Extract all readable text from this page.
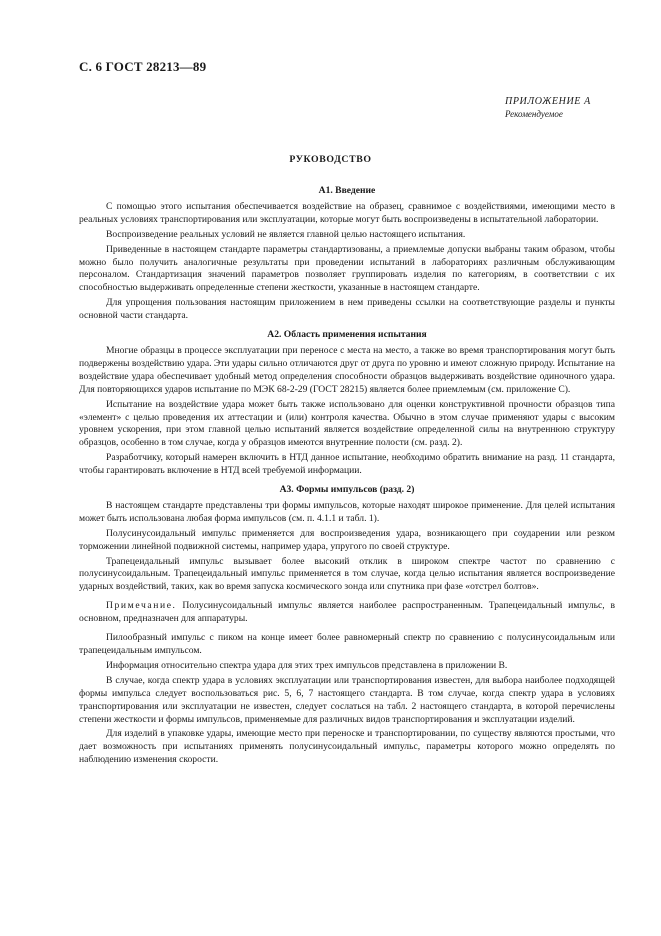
С. 6 ГОСТ 28213—89
ПРИЛОЖЕНИЕ А
Рекомендуемое
РУКОВОДСТВО
А1. Введение
С помощью этого испытания обеспечивается воздействие на образец, сравнимое с воздействиями, имеющими место в реальных условиях транспортирования или эксплуатации, которые могут быть воспроизведены в испытательной лаборатории.
Воспроизведение реальных условий не является главной целью настоящего испытания.
Приведенные в настоящем стандарте параметры стандартизованы, а приемлемые допуски выбраны таким образом, чтобы можно было получить аналогичные результаты при проведении испытаний в лабораториях различным обслуживающим персоналом. Стандартизация значений параметров позволяет группировать изделия по категориям, в соответствии с их способностью выдерживать определенные степени жесткости, указанные в настоящем стандарте.
Для упрощения пользования настоящим приложением в нем приведены ссылки на соответствующие разделы и пункты основной части стандарта.
А2. Область применения испытания
Многие образцы в процессе эксплуатации при переносе с места на место, а также во время транспортирования могут быть подвержены воздействию удара. Эти удары сильно отличаются друг от друга по уровню и имеют сложную природу. Испытание на воздействие удара обеспечивает удобный метод определения способности образцов выдерживать воздействие одиночного удара. Для повторяющихся ударов испытание по МЭК 68-2-29 (ГОСТ 28215) является более приемлемым (см. приложение С).
Испытание на воздействие удара может быть также использовано для оценки конструктивной прочности образцов типа «элемент» с целью проведения их аттестации и (или) контроля качества. Обычно в этом случае применяют удары с высоким уровнем ускорения, при этом главной целью испытаний является воздействие определенной силы на внутреннюю структуру образцов, особенно в том случае, когда у образцов имеются внутренние полости (см. разд. 2).
Разработчику, который намерен включить в НТД данное испытание, необходимо обратить внимание на разд. 11 стандарта, чтобы гарантировать включение в НТД всей требуемой информации.
А3. Формы импульсов (разд. 2)
В настоящем стандарте представлены три формы импульсов, которые находят широкое применение. Для целей испытания может быть использована любая форма импульсов (см. п. 4.1.1 и табл. 1).
Полусинусоидальный импульс применяется для воспроизведения удара, возникающего при соударении или резком торможении линейной подвижной системы, например удара, упругого по своей структуре.
Трапецеидальный импульс вызывает более высокий отклик в широком спектре частот по сравнению с полусинусоидальным. Трапецеидальный импульс применяется в том случае, когда целью испытания является воспроизведение ударных воздействий, таких, как во время запуска космического зонда или спутника при фазе «отстрел болтов».
Примечание. Полусинусоидальный импульс является наиболее распространенным. Трапецеидальный импульс, в основном, предназначен для аппаратуры.
Пилообразный импульс с пиком на конце имеет более равномерный спектр по сравнению с полусинусоидальным или трапецеидальным импульсом.
Информация относительно спектра удара для этих трех импульсов представлена в приложении В.
В случае, когда спектр удара в условиях эксплуатации или транспортирования известен, для выбора наиболее подходящей формы импульса следует воспользоваться рис. 5, 6, 7 настоящего стандарта. В том случае, когда спектр удара в условиях транспортирования или эксплуатации не известен, следует сослаться на табл. 2 настоящего стандарта, в которой перечислены степени жесткости и формы импульсов, применяемые для различных видов транспортирования и эксплуатации изделий.
Для изделий в упаковке удары, имеющие место при переноске и транспортировании, по существу являются простыми, что дает возможность при испытаниях применять полусинусоидальный импульс, параметры которого можно определять по наблюдению изменения скорости.
